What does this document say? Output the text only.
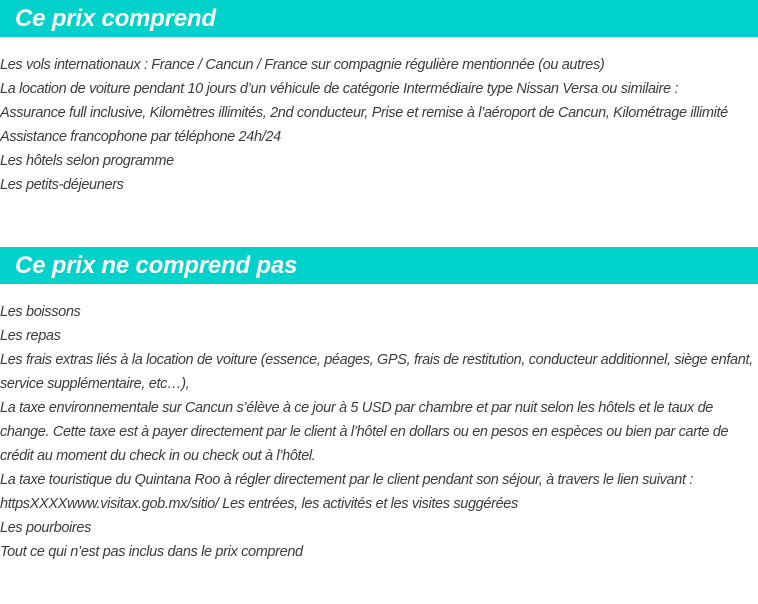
Ce prix comprend
Les vols internationaux : France / Cancun / France sur compagnie régulière mentionnée (ou autres)
La location de voiture pendant 10 jours d’un véhicule de catégorie Intermédiaire type Nissan Versa ou similaire :
Assurance full inclusive, Kilomètres illimités, 2nd conducteur, Prise et remise à l’aéroport de Cancun, Kilométrage illimité
Assistance francophone par téléphone 24h/24
Les hôtels selon programme
Les petits-déjeuners
Ce prix ne comprend pas
Les boissons
Les repas
Les frais extras liés à la location de voiture (essence, péages, GPS, frais de restitution, conducteur additionnel, siège enfant, service supplémentaire, etc…),
La taxe environnementale sur Cancun s’élève à ce jour à 5 USD par chambre et par nuit selon les hôtels et le taux de change. Cette taxe est à payer directement par le client à l’hôtel en dollars ou en pesos en espèces ou bien par carte de crédit au moment du check in ou check out à l’hôtel.
La taxe touristique du Quintana Roo à régler directement par le client pendant son séjour, à travers le lien suivant :
httpsXXXXwww.visitax.gob.mx/sitio/ Les entrées, les activités et les visites suggérées
Les pourboires
Tout ce qui n’est pas inclus dans le prix comprend
